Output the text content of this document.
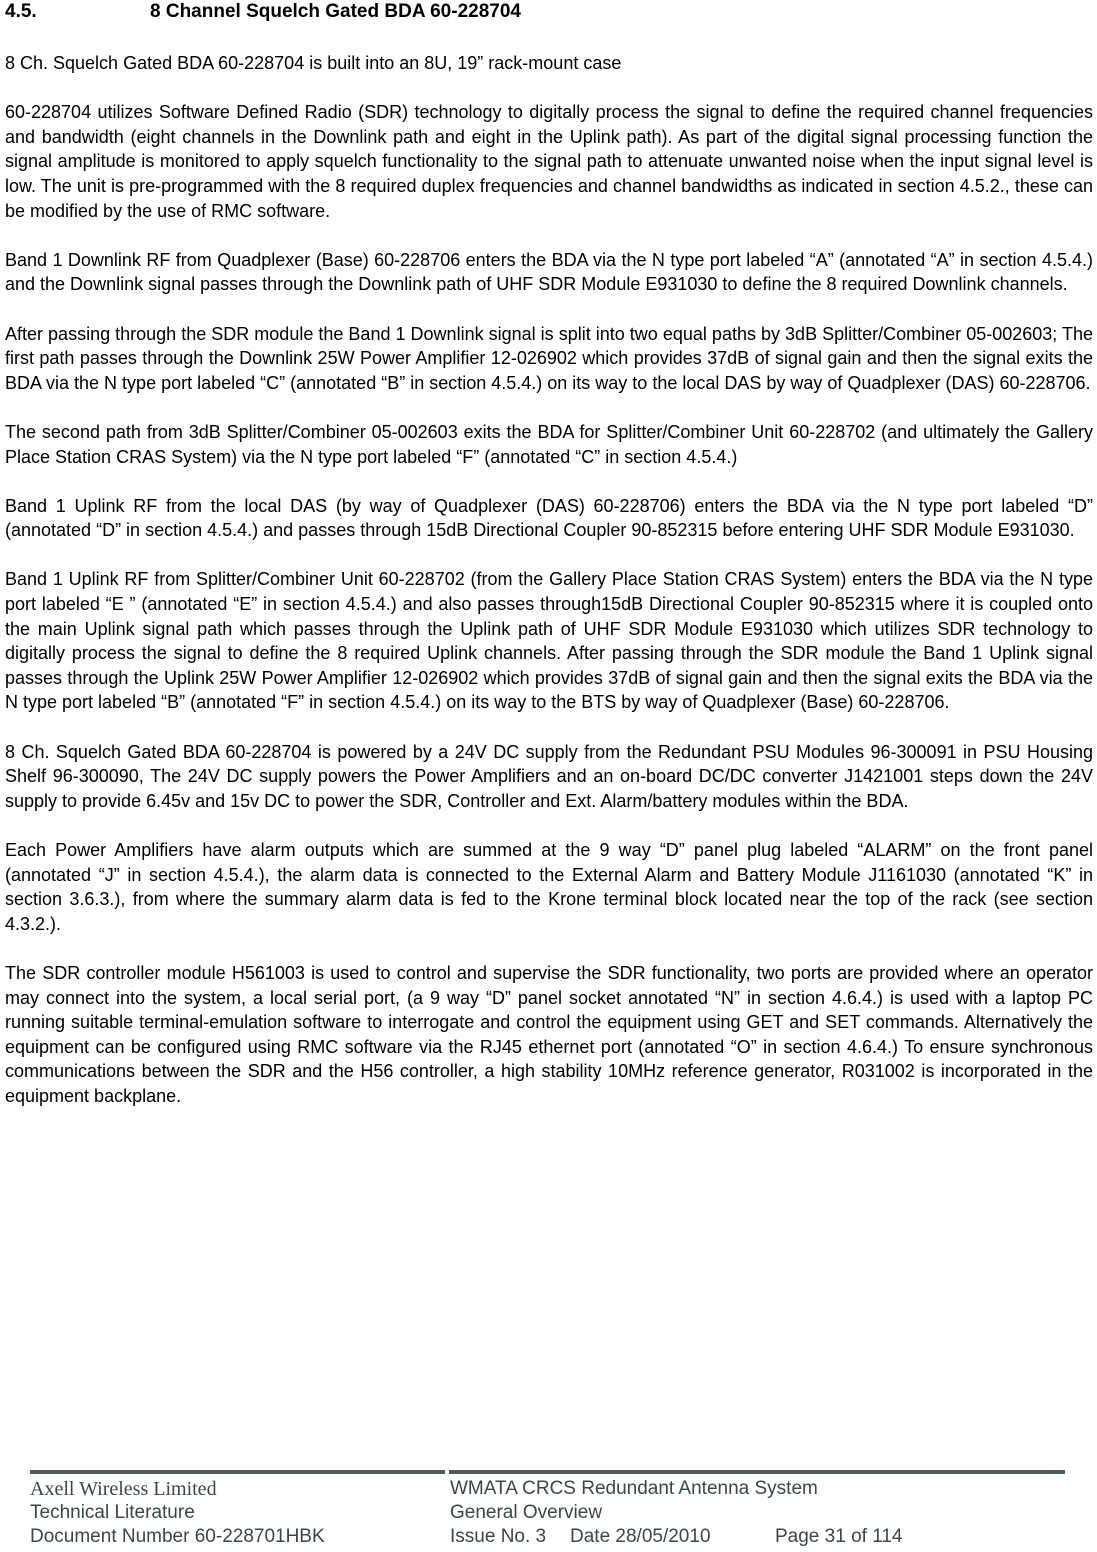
4.5.	8 Channel Squelch Gated BDA 60-228704

8 Ch. Squelch Gated BDA 60-228704 is built into an 8U, 19” rack-mount case

60-228704 utilizes Software Defined Radio (SDR) technology to digitally process the signal to define the required channel frequencies and bandwidth (eight channels in the Downlink path and eight in the Uplink path). As part of the digital signal processing function the signal amplitude is monitored to apply squelch functionality to the signal path to attenuate unwanted noise when the input signal level is low. The unit is pre-programmed with the 8 required duplex frequencies and channel bandwidths as indicated in section 4.5.2., these can be modified by the use of RMC software.

Band 1 Downlink RF from Quadplexer (Base) 60-228706 enters the BDA via the N type port labeled “A” (annotated “A” in section 4.5.4.) and the Downlink signal passes through the Downlink path of UHF SDR Module E931030 to define the 8 required Downlink channels.

After passing through the SDR module the Band 1 Downlink signal is split into two equal paths by 3dB Splitter/Combiner 05-002603; The first path passes through the Downlink 25W Power Amplifier 12-026902 which provides 37dB of signal gain and then the signal exits the BDA via the N type port labeled “C” (annotated “B” in section 4.5.4.) on its way to the local DAS by way of Quadplexer (DAS) 60-228706.

The second path from 3dB Splitter/Combiner 05-002603 exits the BDA for Splitter/Combiner Unit 60-228702 (and ultimately the Gallery Place Station CRAS System) via the N type port labeled “F” (annotated “C” in section 4.5.4.)

Band 1 Uplink RF from the local DAS (by way of Quadplexer (DAS) 60-228706) enters the BDA via the N type port labeled “D” (annotated “D” in section 4.5.4.) and passes through 15dB Directional Coupler 90-852315 before entering UHF SDR Module E931030.

Band 1 Uplink RF from Splitter/Combiner Unit 60-228702 (from the Gallery Place Station CRAS System) enters the BDA via the N type port labeled “E ” (annotated “E” in section 4.5.4.) and also passes through15dB Directional Coupler 90-852315 where it is coupled onto the main Uplink signal path which passes through the Uplink path of UHF SDR Module E931030 which utilizes SDR technology to digitally process the signal to define the 8 required Uplink channels. After passing through the SDR module the Band 1 Uplink signal passes through the Uplink 25W Power Amplifier 12-026902 which provides 37dB of signal gain and then the signal exits the BDA via the N type port labeled “B” (annotated “F” in section 4.5.4.) on its way to the BTS by way of Quadplexer (Base) 60-228706.

8 Ch. Squelch Gated BDA 60-228704 is powered by a 24V DC supply from the Redundant PSU Modules 96-300091 in PSU Housing Shelf 96-300090, The 24V DC supply powers the Power Amplifiers and an on-board DC/DC converter J1421001 steps down the 24V supply to provide 6.45v and 15v DC to power the SDR, Controller and Ext. Alarm/battery modules within the BDA.

Each Power Amplifiers have alarm outputs which are summed at the 9 way “D” panel plug labeled “ALARM” on the front panel (annotated “J” in section 4.5.4.), the alarm data is connected to the External Alarm and Battery Module J1161030 (annotated “K” in section 3.6.3.), from where the summary alarm data is fed to the Krone terminal block located near the top of the rack (see section 4.3.2.).

The SDR controller module H561003 is used to control and supervise the SDR functionality, two ports are provided where an operator may connect into the system, a local serial port, (a 9 way “D” panel socket annotated “N” in section 4.6.4.) is used with a laptop PC running suitable terminal-emulation software to interrogate and control the equipment using GET and SET commands. Alternatively the equipment can be configured using RMC software via the RJ45 ethernet port (annotated “O” in section 4.6.4.) To ensure synchronous communications between the SDR and the H56 controller, a high stability 10MHz reference generator, R031002 is incorporated in the equipment backplane.

Axell Wireless Limited
Technical Literature
Document Number 60-228701HBK
WMATA CRCS Redundant Antenna System
General Overview
Issue No. 3 Date 28/05/2010	Page 31 of 114
